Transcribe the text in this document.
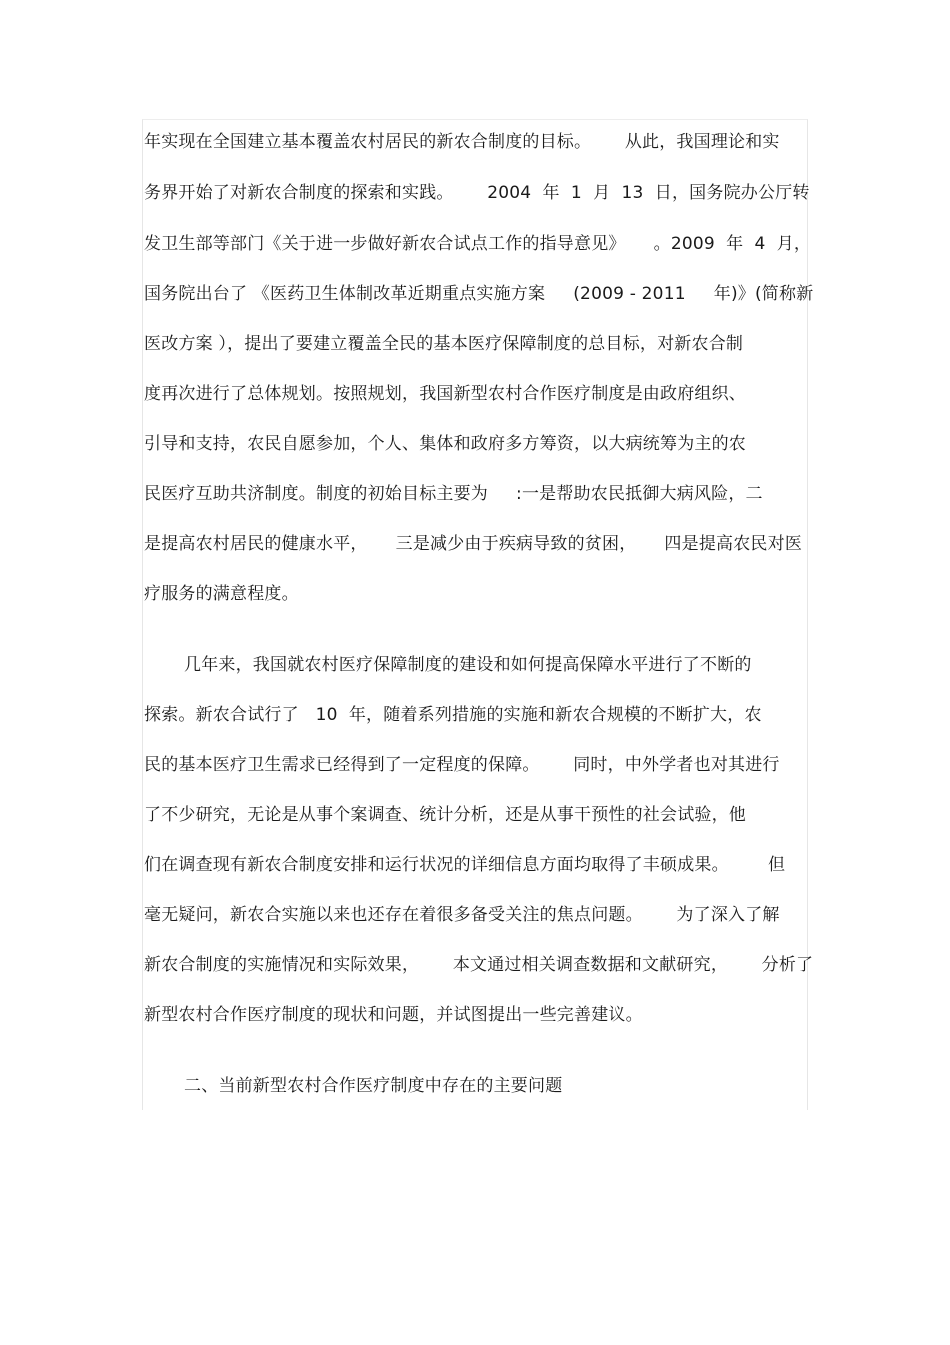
年实现在全国建立基本覆盖农村居民的新农合制度的目标。      从此，我国理论和实
务界开始了对新农合制度的探索和实践。      2004  年  1  月  13  日，国务院办公厅转
发卫生部等部门《关于进一步做好新农合试点工作的指导意见》     。2009  年  4  月，
国务院出台了 《医药卫生体制改革近期重点实施方案     (2009 - 2011     年)》(简称新
医改方案 ），提出了要建立覆盖全民的基本医疗保障制度的总目标，对新农合制
度再次进行了总体规划。按照规划，我国新型农村合作医疗制度是由政府组织、
引导和支持，农民自愿参加，个人、集体和政府多方筹资，以大病统筹为主的农
民医疗互助共济制度。制度的初始目标主要为     :一是帮助农民抵御大病风险，二
是提高农村居民的健康水平，     三是减少由于疾病导致的贫困，     四是提高农民对医
疗服务的满意程度。
几年来，我国就农村医疗保障制度的建设和如何提高保障水平进行了不断的
探索。新农合试行了   10  年，随着系列措施的实施和新农合规模的不断扩大，农
民的基本医疗卫生需求已经得到了一定程度的保障。      同时，中外学者也对其进行
了不少研究，无论是从事个案调查、统计分析，还是从事干预性的社会试验，他
们在调查现有新农合制度安排和运行状况的详细信息方面均取得了丰硕成果。       但
毫无疑问，新农合实施以来也还存在着很多备受关注的焦点问题。      为了深入了解
新农合制度的实施情况和实际效果，      本文通过相关调查数据和文献研究，      分析了
新型农村合作医疗制度的现状和问题，并试图提出一些完善建议。
二、当前新型农村合作医疗制度中存在的主要问题
